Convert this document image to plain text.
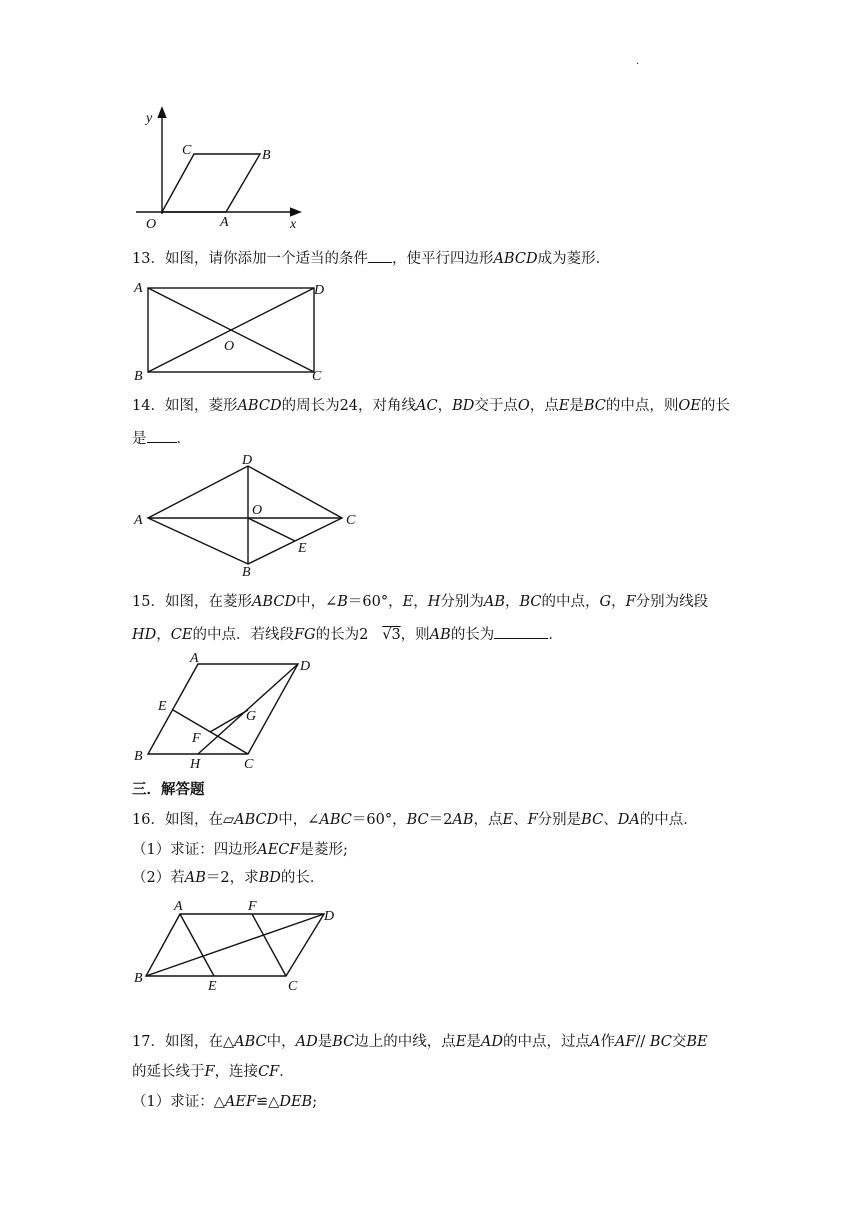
.
y
x
O	A
B
C
13．如图，请你添加一个适当的条件 ，使平行四边形ABCD成为菱形．
A
B	C
D
O
14．如图，菱形ABCD的周长为24，对角线AC，BD交于点O，点E是BC的中点，则OE的长
是 ．
A
B
C
D
O
E
15．如图，在菱形ABCD中，∠B＝60°，E，H分别为AB，BC的中点，G，F分别为线段
HD，CE的中点．若线段FG的长为2 √3，则AB的长为	．
A
B
C
D
E
F
G
H
三．解答题
16．如图，在▱ABCD中，∠ABC＝60°，BC＝2AB，点E、F分别是BC、DA的中点．
（1）求证：四边形AECF是菱形;
（2）若AB＝2，求BD的长．
A
B
C
D
E
F
17．如图，在△ABC中，AD是BC边上的中线，点E是AD的中点，过点A作AF// BC交BE
的延长线于F，连接CF．
（1）求证：△AEF≌△DEB;
